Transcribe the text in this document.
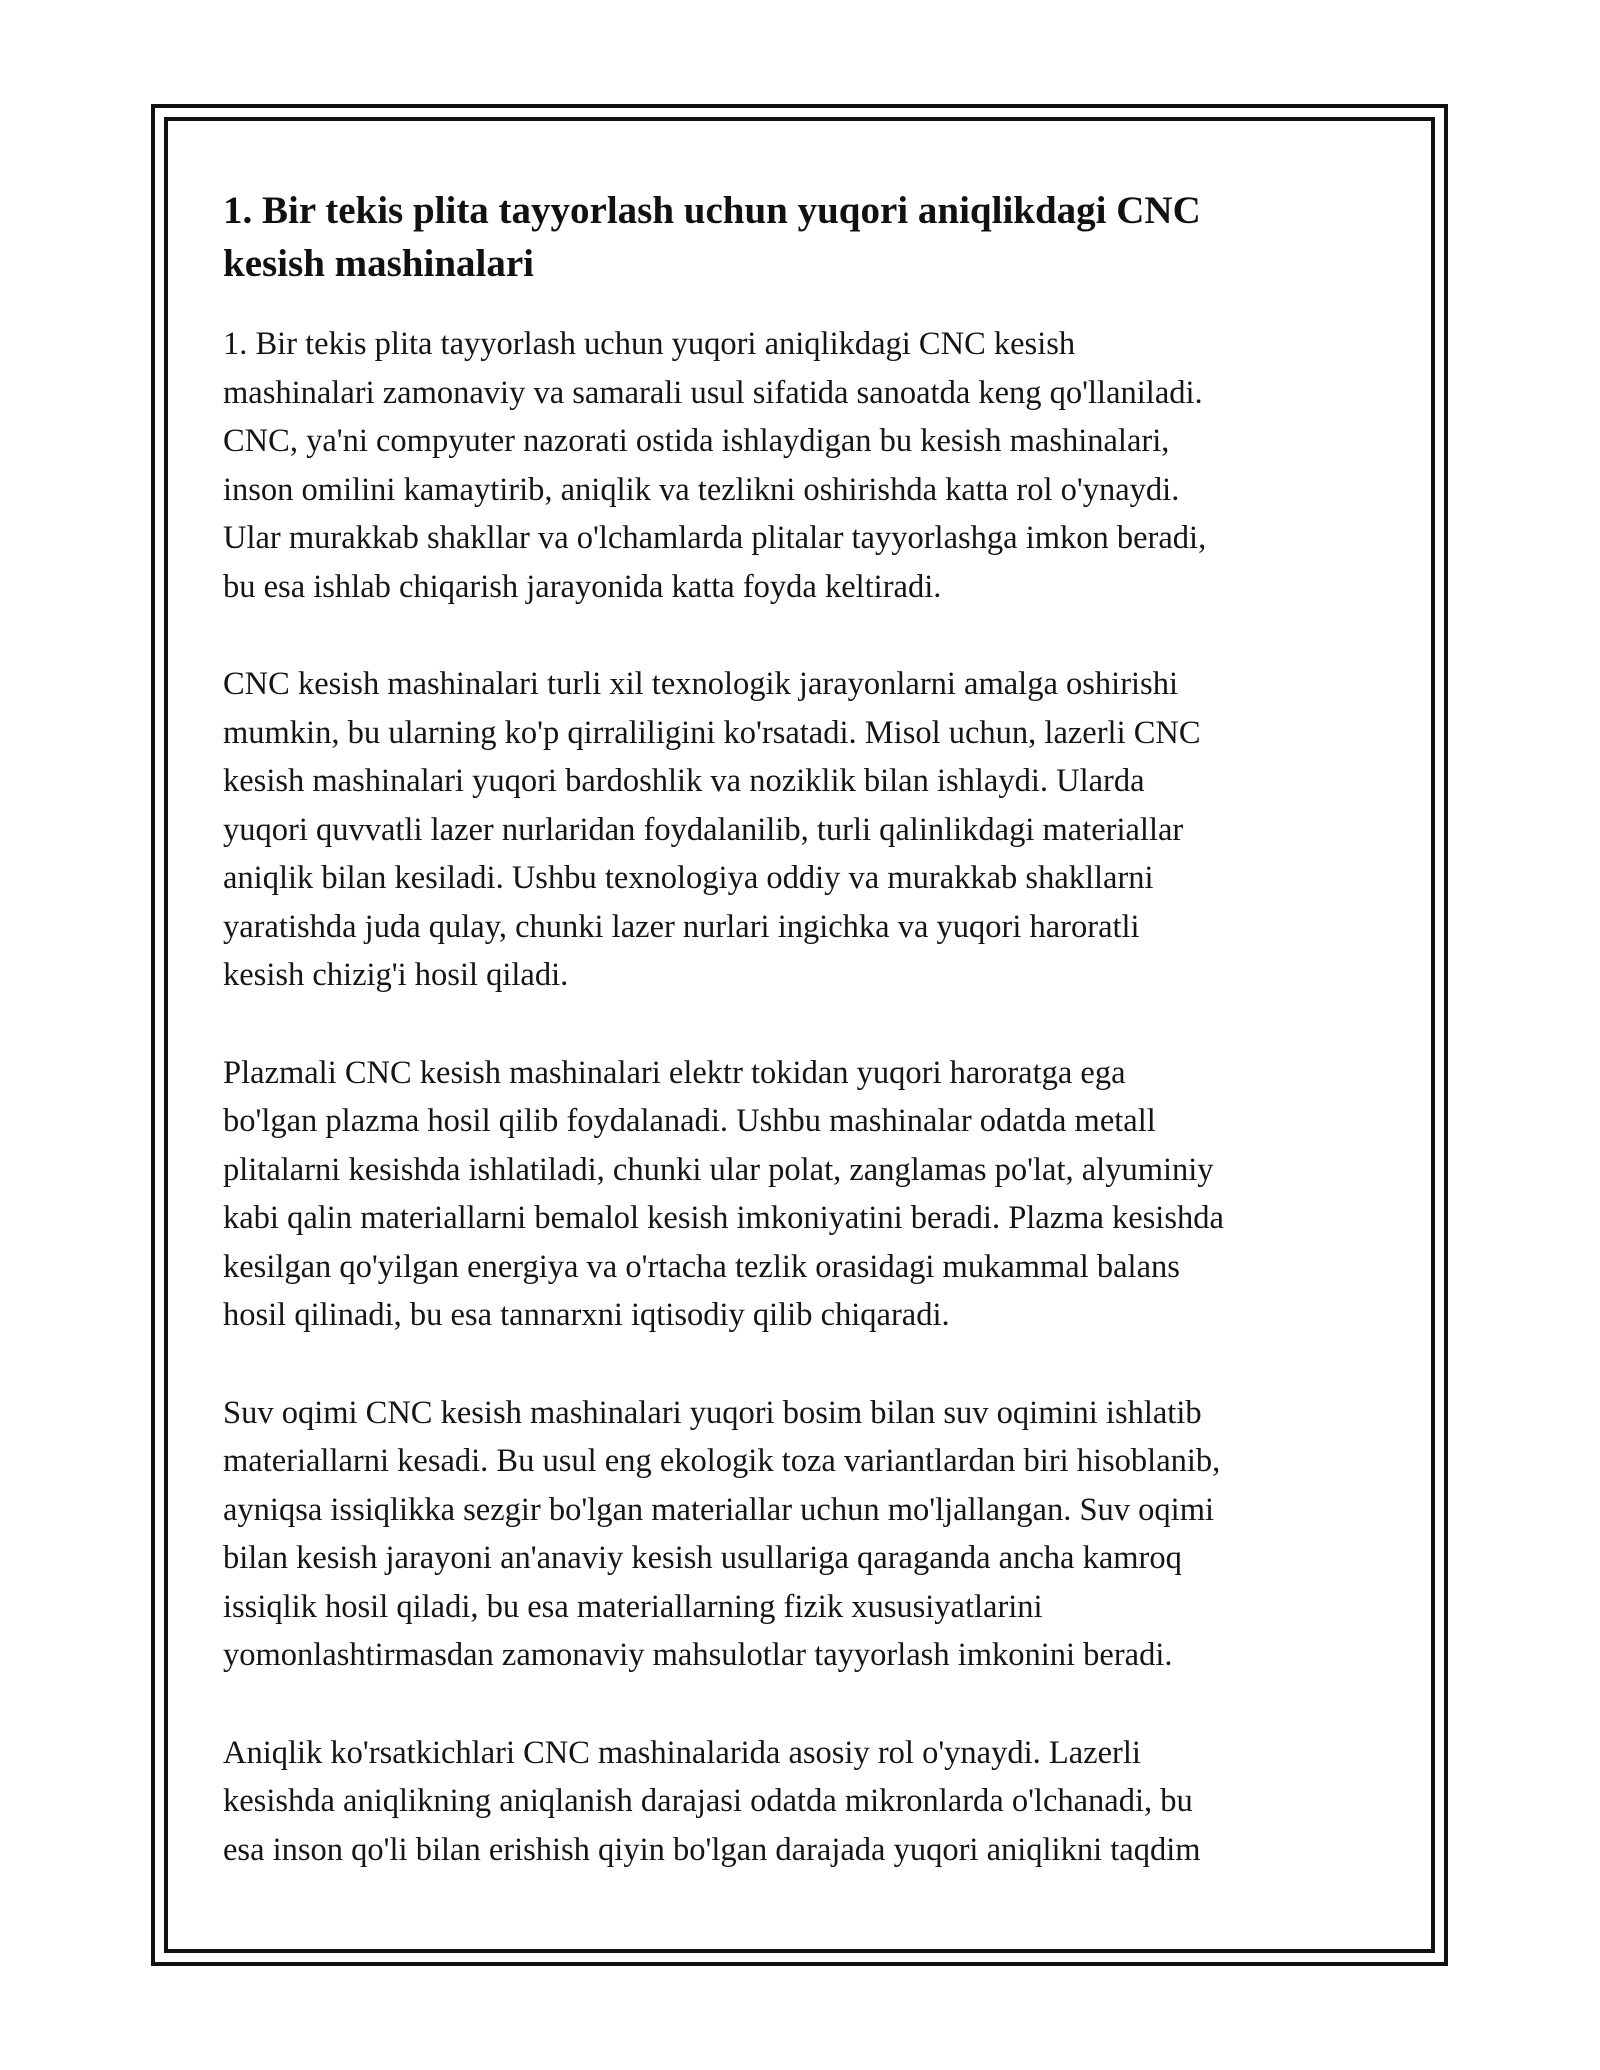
1. Bir tekis plita tayyorlash uchun yuqori aniqlikdagi CNC
kesish mashinalari

1. Bir tekis plita tayyorlash uchun yuqori aniqlikdagi CNC kesish
mashinalari zamonaviy va samarali usul sifatida sanoatda keng qo'llaniladi.
CNC, ya'ni compyuter nazorati ostida ishlaydigan bu kesish mashinalari,
inson omilini kamaytirib, aniqlik va tezlikni oshirishda katta rol o'ynaydi.
Ular murakkab shakllar va o'lchamlarda plitalar tayyorlashga imkon beradi,
bu esa ishlab chiqarish jarayonida katta foyda keltiradi.

CNC kesish mashinalari turli xil texnologik jarayonlarni amalga oshirishi
mumkin, bu ularning ko'p qirraliligini ko'rsatadi. Misol uchun, lazerli CNC
kesish mashinalari yuqori bardoshlik va noziklik bilan ishlaydi. Ularda
yuqori quvvatli lazer nurlaridan foydalanilib, turli qalinlikdagi materiallar
aniqlik bilan kesiladi. Ushbu texnologiya oddiy va murakkab shakllarni
yaratishda juda qulay, chunki lazer nurlari ingichka va yuqori haroratli
kesish chizig'i hosil qiladi.

Plazmali CNC kesish mashinalari elektr tokidan yuqori haroratga ega
bo'lgan plazma hosil qilib foydalanadi. Ushbu mashinalar odatda metall
plitalarni kesishda ishlatiladi, chunki ular polat, zanglamas po'lat, alyuminiy
kabi qalin materiallarni bemalol kesish imkoniyatini beradi. Plazma kesishda
kesilgan qo'yilgan energiya va o'rtacha tezlik orasidagi mukammal balans
hosil qilinadi, bu esa tannarxni iqtisodiy qilib chiqaradi.

Suv oqimi CNC kesish mashinalari yuqori bosim bilan suv oqimini ishlatib
materiallarni kesadi. Bu usul eng ekologik toza variantlardan biri hisoblanib,
ayniqsa issiqlikka sezgir bo'lgan materiallar uchun mo'ljallangan. Suv oqimi
bilan kesish jarayoni an'anaviy kesish usullariga qaraganda ancha kamroq
issiqlik hosil qiladi, bu esa materiallarning fizik xususiyatlarini
yomonlashtirmasdan zamonaviy mahsulotlar tayyorlash imkonini beradi.

Aniqlik ko'rsatkichlari CNC mashinalarida asosiy rol o'ynaydi. Lazerli
kesishda aniqlikning aniqlanish darajasi odatda mikronlarda o'lchanadi, bu
esa inson qo'li bilan erishish qiyin bo'lgan darajada yuqori aniqlikni taqdim
